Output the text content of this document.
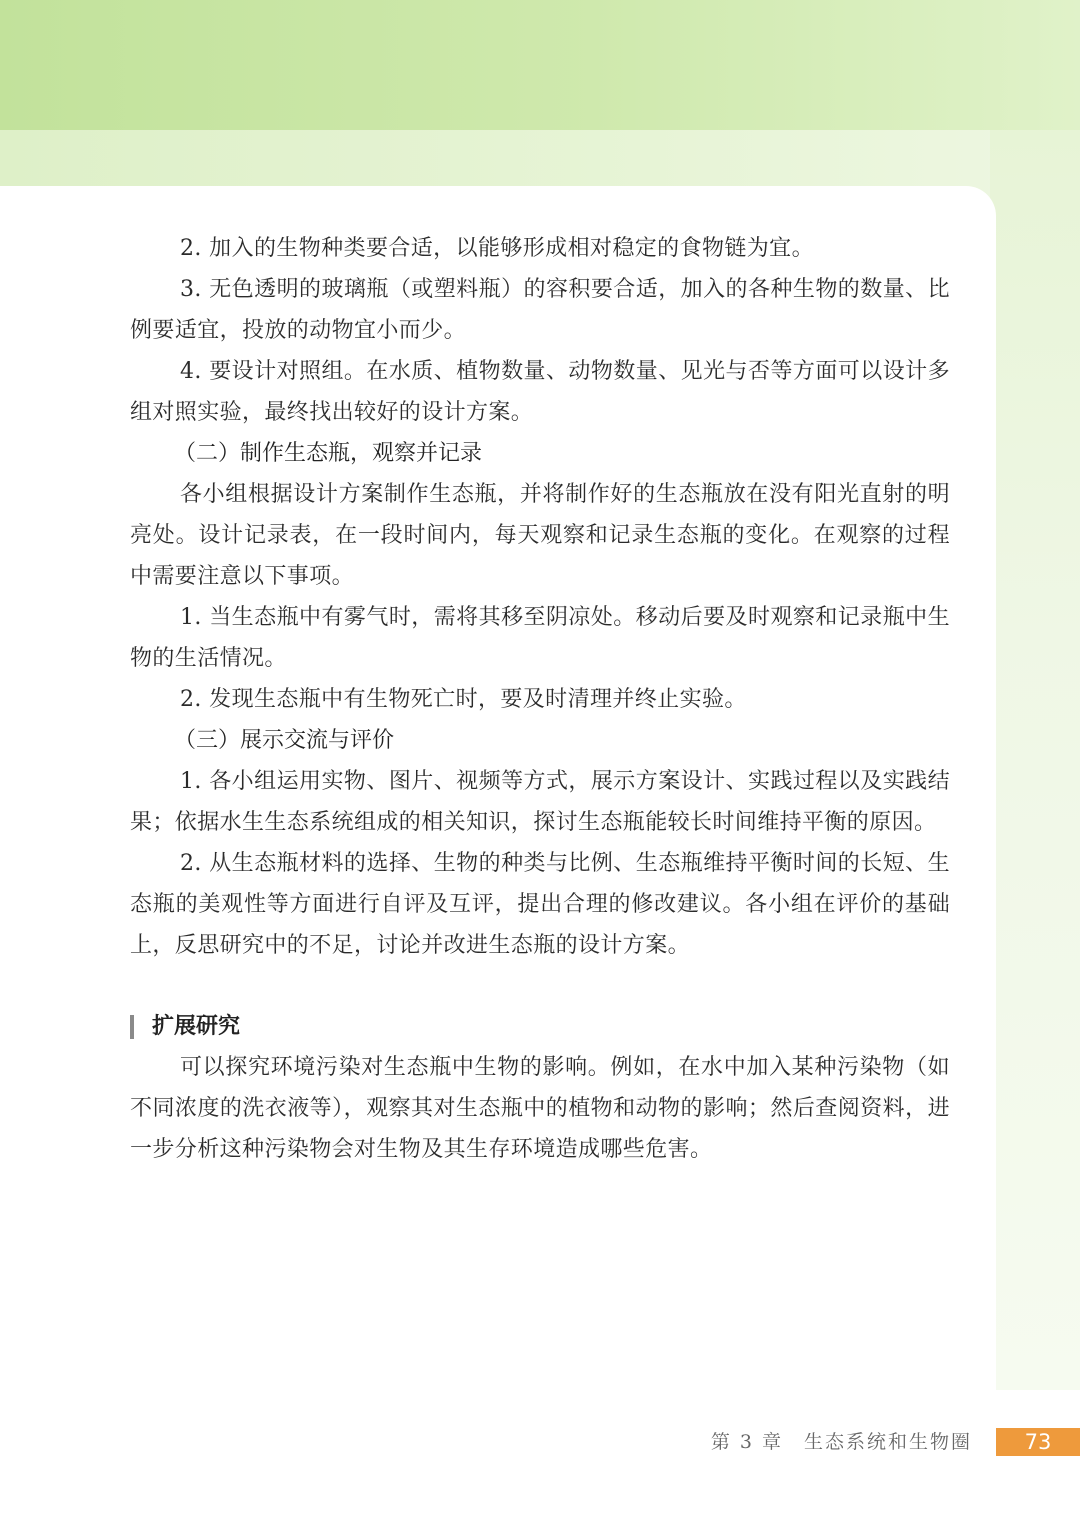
2. 加入的生物种类要合适，以能够形成相对稳定的食物链为宜。

3. 无色透明的玻璃瓶（或塑料瓶）的容积要合适，加入的各种生物的数量、比例要适宜，投放的动物宜小而少。

4. 要设计对照组。在水质、植物数量、动物数量、见光与否等方面可以设计多组对照实验，最终找出较好的设计方案。

（二）制作生态瓶，观察并记录

各小组根据设计方案制作生态瓶，并将制作好的生态瓶放在没有阳光直射的明亮处。设计记录表，在一段时间内，每天观察和记录生态瓶的变化。在观察的过程中需要注意以下事项。

1. 当生态瓶中有雾气时，需将其移至阴凉处。移动后要及时观察和记录瓶中生物的生活情况。

2. 发现生态瓶中有生物死亡时，要及时清理并终止实验。

（三）展示交流与评价

1. 各小组运用实物、图片、视频等方式，展示方案设计、实践过程以及实践结果；依据水生生态系统组成的相关知识，探讨生态瓶能较长时间维持平衡的原因。

2. 从生态瓶材料的选择、生物的种类与比例、生态瓶维持平衡时间的长短、生态瓶的美观性等方面进行自评及互评，提出合理的修改建议。各小组在评价的基础上，反思研究中的不足，讨论并改进生态瓶的设计方案。

扩展研究

可以探究环境污染对生态瓶中生物的影响。例如，在水中加入某种污染物（如不同浓度的洗衣液等），观察其对生态瓶中的植物和动物的影响；然后查阅资料，进一步分析这种污染物会对生物及其生存环境造成哪些危害。

第 3 章　生态系统和生物圈	73
